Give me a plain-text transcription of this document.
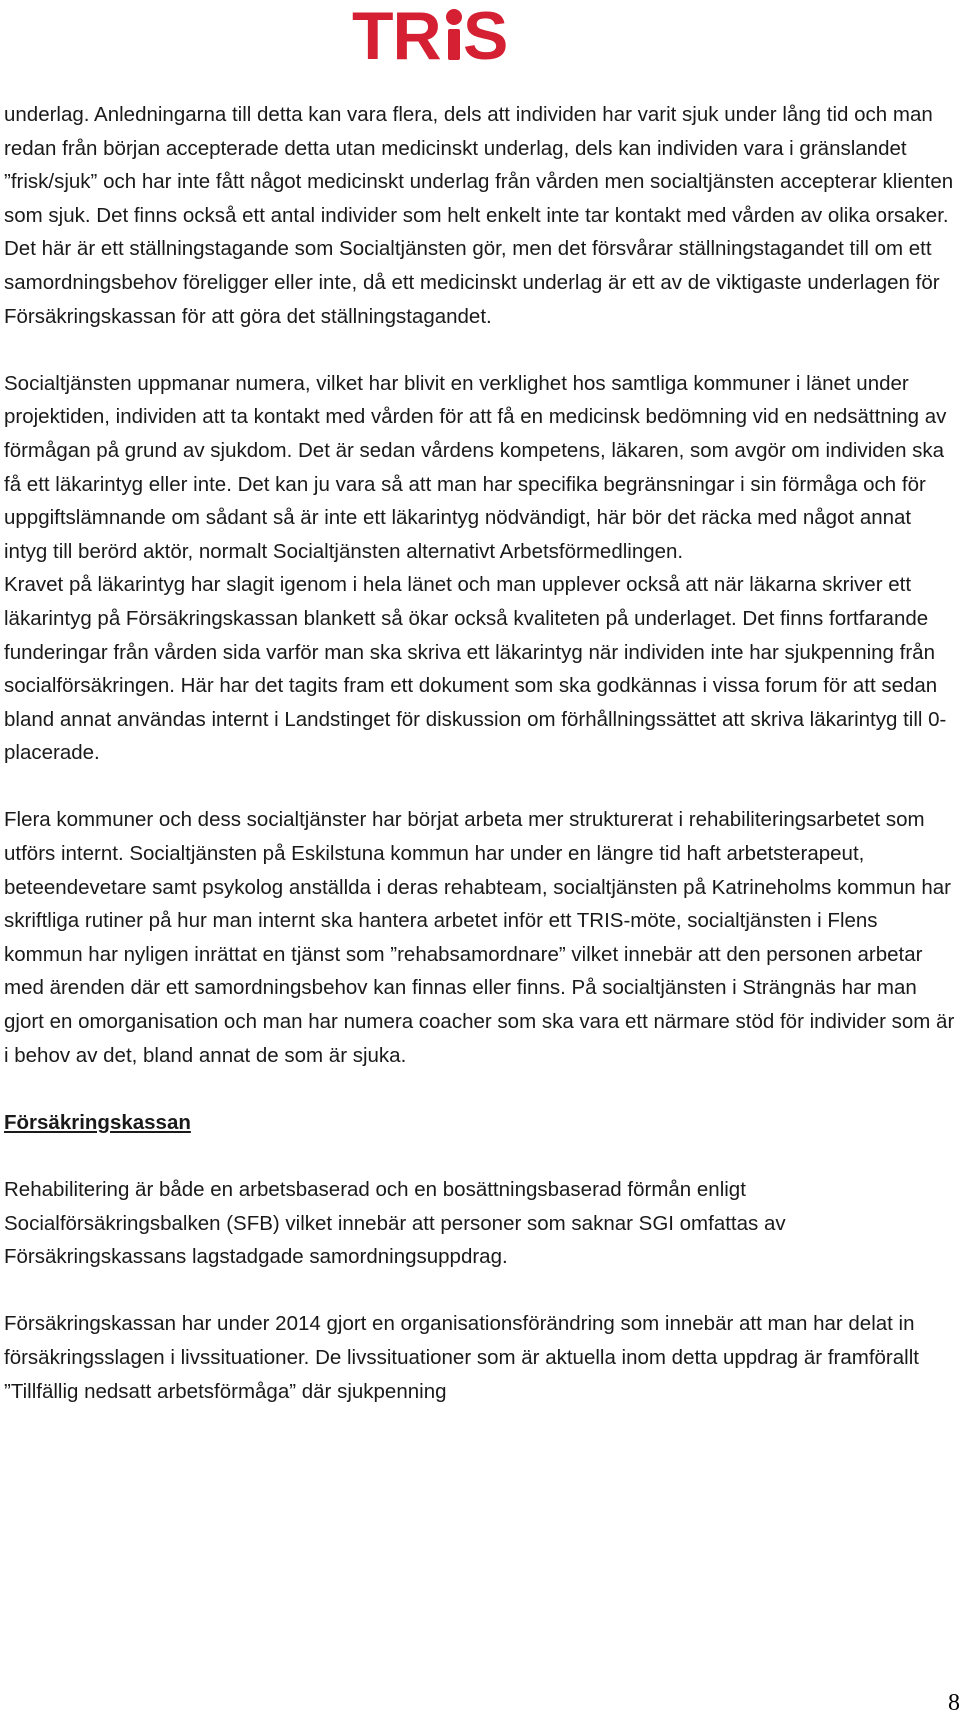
TR S

underlag. Anledningarna till detta kan vara flera, dels att individen har varit sjuk under lång tid och man redan från början accepterade detta utan medicinskt underlag, dels kan individen vara i gränslandet ”frisk/sjuk” och har inte fått något medicinskt underlag från vården men socialtjänsten accepterar klienten som sjuk. Det finns också ett antal individer som helt enkelt inte tar kontakt med vården av olika orsaker. Det här är ett ställningstagande som Socialtjänsten gör, men det försvårar ställningstagandet till om ett samordningsbehov föreligger eller inte, då ett medicinskt underlag är ett av de viktigaste underlagen för Försäkringskassan för att göra det ställningstagandet.

Socialtjänsten uppmanar numera, vilket har blivit en verklighet hos samtliga kommuner i länet under projektiden, individen att ta kontakt med vården för att få en medicinsk bedömning vid en nedsättning av förmågan på grund av sjukdom. Det är sedan vårdens kompetens, läkaren, som avgör om individen ska få ett läkarintyg eller inte. Det kan ju vara så att man har specifika begränsningar i sin förmåga och för uppgiftslämnande om sådant så är inte ett läkarintyg nödvändigt, här bör det räcka med något annat intyg till berörd aktör, normalt Socialtjänsten alternativt Arbetsförmedlingen.

Kravet på läkarintyg har slagit igenom i hela länet och man upplever också att när läkarna skriver ett läkarintyg på Försäkringskassan blankett så ökar också kvaliteten på underlaget. Det finns fortfarande funderingar från vården sida varför man ska skriva ett läkarintyg när individen inte har sjukpenning från socialförsäkringen. Här har det tagits fram ett dokument som ska godkännas i vissa forum för att sedan bland annat användas internt i Landstinget för diskussion om förhållningssättet att skriva läkarintyg till 0-placerade.

Flera kommuner och dess socialtjänster har börjat arbeta mer strukturerat i rehabiliteringsarbetet som utförs internt. Socialtjänsten på Eskilstuna kommun har under en längre tid haft arbetsterapeut, beteendevetare samt psykolog anställda i deras rehabteam, socialtjänsten på Katrineholms kommun har skriftliga rutiner på hur man internt ska hantera arbetet inför ett TRIS-möte, socialtjänsten i Flens kommun har nyligen inrättat en tjänst som ”rehabsamordnare” vilket innebär att den personen arbetar med ärenden där ett samordningsbehov kan finnas eller finns. På socialtjänsten i Strängnäs har man gjort en omorganisation och man har numera coacher som ska vara ett närmare stöd för individer som är i behov av det, bland annat de som är sjuka.

Försäkringskassan

Rehabilitering är både en arbetsbaserad och en bosättningsbaserad förmån enligt Socialförsäkringsbalken (SFB) vilket innebär att personer som saknar SGI omfattas av Försäkringskassans lagstadgade samordningsuppdrag.

Försäkringskassan har under 2014 gjort en organisationsförändring som innebär att man har delat in försäkringsslagen i livssituationer. De livssituationer som är aktuella inom detta uppdrag är framförallt ”Tillfällig nedsatt arbetsförmåga” där sjukpenning

8
